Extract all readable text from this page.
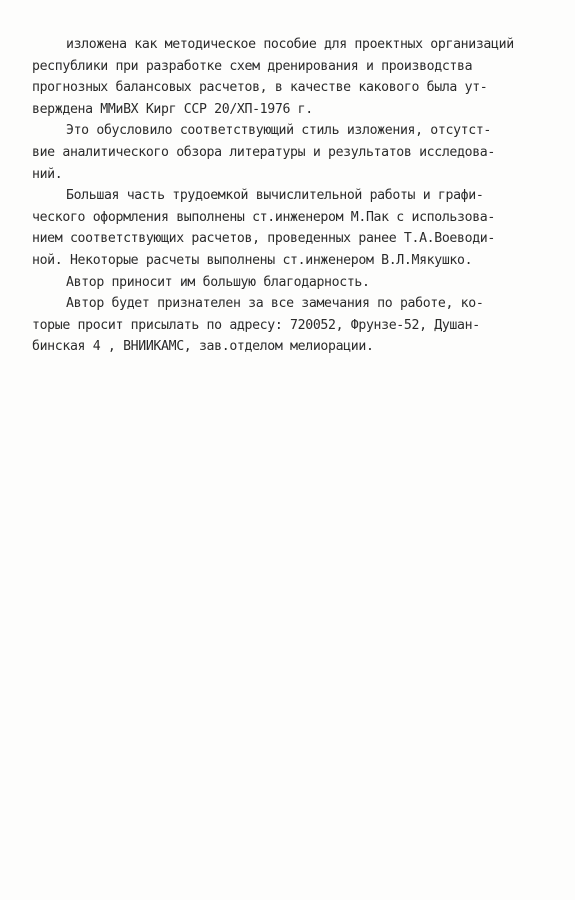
изложена как методическое пособие для проектных организаций
республики при разработке схем дренирования и производства
прогнозных балансовых расчетов, в качестве какового была ут-
верждена ММиВХ Кирг ССР 20/ХП-1976 г.
Это обусловило соответствующий стиль изложения, отсутст-
вие аналитического обзора литературы и результатов исследова-
ний.
Большая часть трудоемкой вычислительной работы и графи-
ческого оформления выполнены ст.инженером М.Пак с использова-
нием соответствующих расчетов, проведенных ранее Т.А.Воеводи-
ной. Некоторые расчеты выполнены ст.инженером В.Л.Мякушко.
Автор приносит им большую благодарность.
Автор будет признателен за все замечания по работе, ко-
торые просит присылать по адресу: 720052, Фрунзе-52, Душан-
бинская 4 , ВНИИКАМС, зав.отделом мелиорации.
